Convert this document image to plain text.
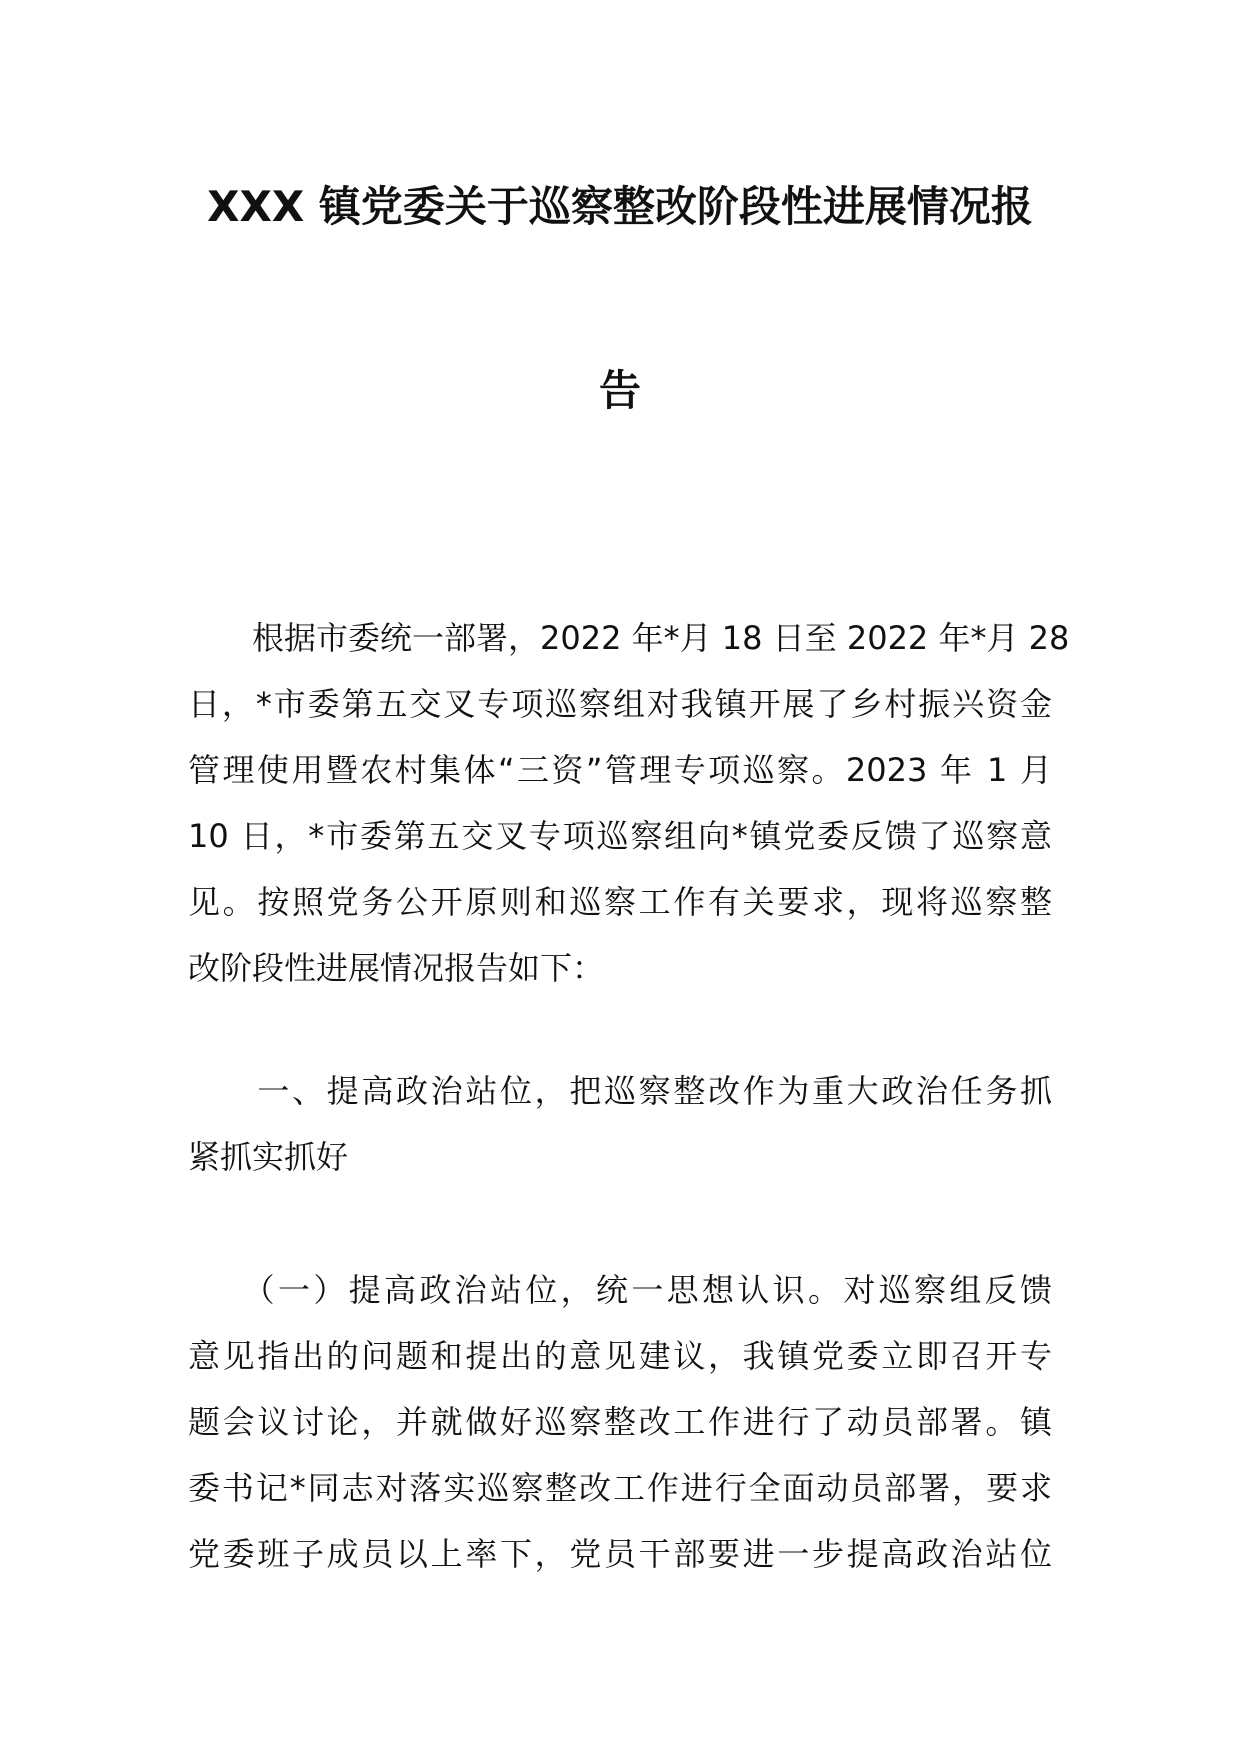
XXX 镇党委关于巡察整改阶段性进展情况报
告
　　根据市委统一部署，2022 年*月 18 日至 2022 年*月 28
日，*市委第五交叉专项巡察组对我镇开展了乡村振兴资金
管理使用暨农村集体“三资”管理专项巡察。2023 年 1 月
10 日，*市委第五交叉专项巡察组向*镇党委反馈了巡察意
见。按照党务公开原则和巡察工作有关要求，现将巡察整
改阶段性进展情况报告如下：
　　一、提高政治站位，把巡察整改作为重大政治任务抓
紧抓实抓好
　　（一）提高政治站位，统一思想认识。对巡察组反馈
意见指出的问题和提出的意见建议，我镇党委立即召开专
题会议讨论，并就做好巡察整改工作进行了动员部署。镇
委书记*同志对落实巡察整改工作进行全面动员部署，要求
党委班子成员以上率下，党员干部要进一步提高政治站位
